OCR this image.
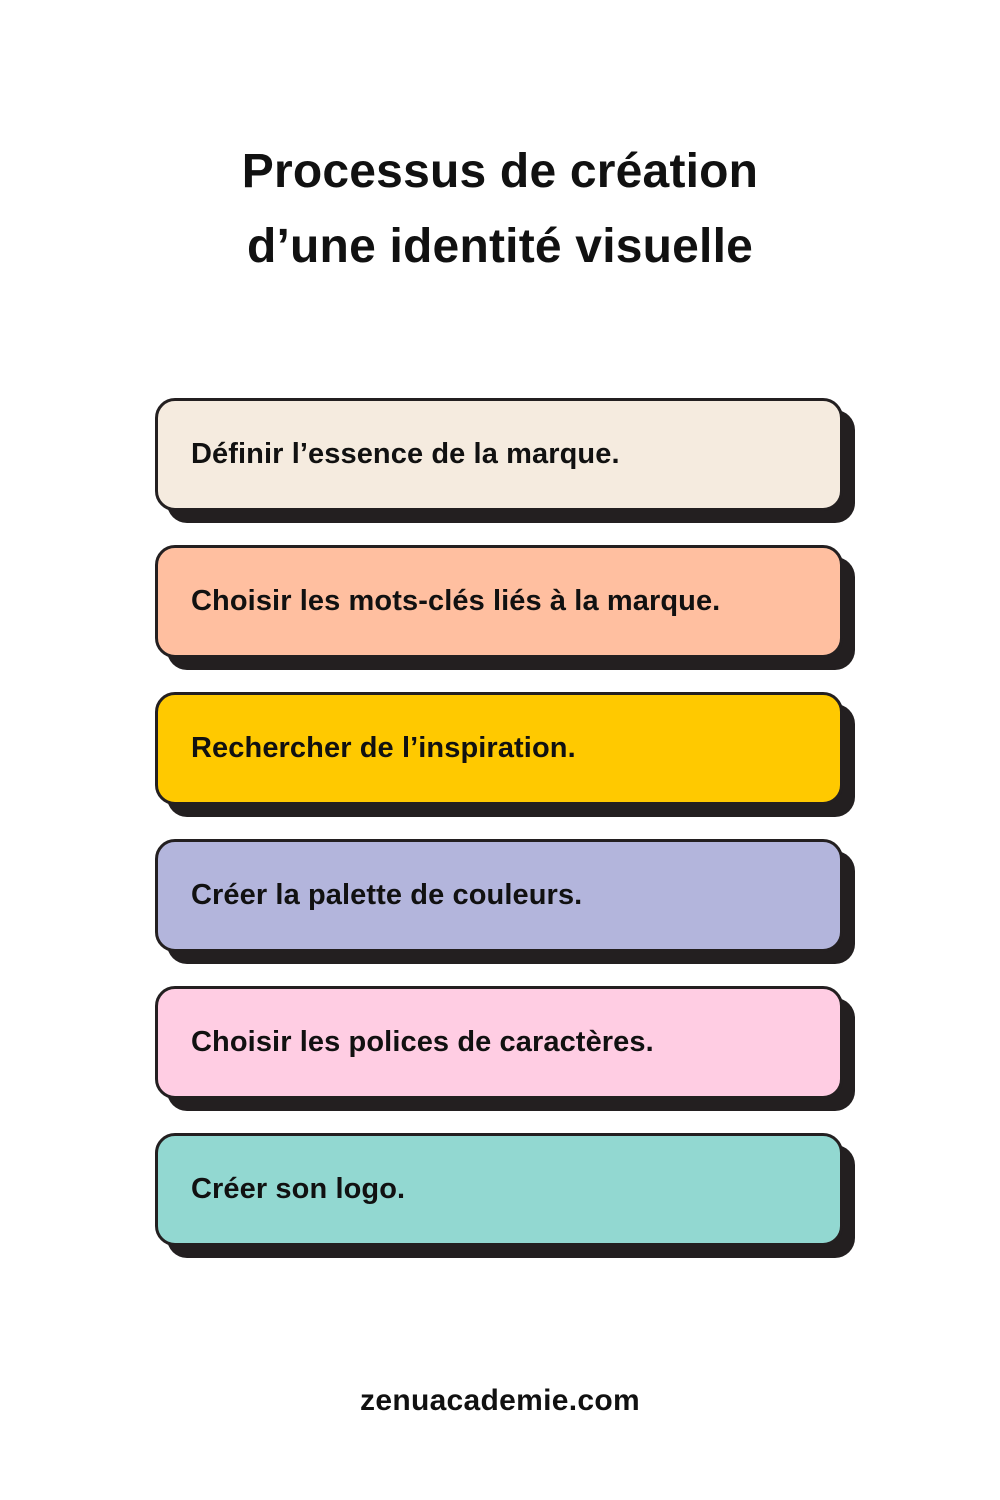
Processus de création
d’une identité visuelle
Définir l’essence de la marque.
Choisir les mots-clés liés à la marque.
Rechercher de l’inspiration.
Créer la palette de couleurs.
Choisir les polices de caractères.
Créer son logo.
zenuacademie.com
